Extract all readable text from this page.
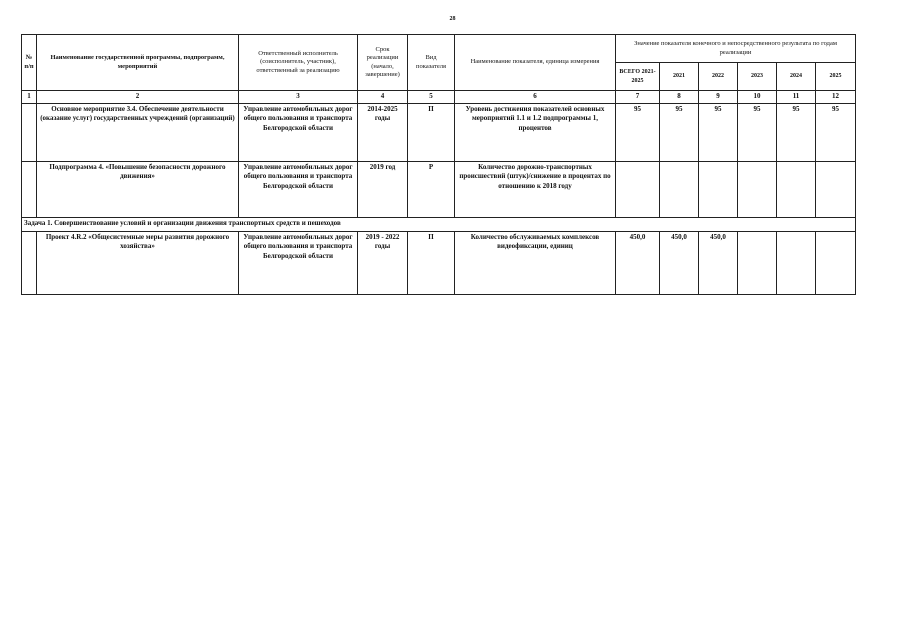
28
№ п/п	Наименование государственной программы, подпрограмм, мероприятий	Ответственный исполнитель (соисполнитель, участник), ответственный за реализацию	Срок реализации (начало, завершение)	Вид показателя	Наименование показателя, единица измерения	Значение показателя конечного и непосредственного результата по годам реализации					
						ВСЕГО 2021-2025	2021	2022	2023	2024	2025
1	2	3	4	5	6	7	8	9	10	11	12
	Основное мероприятие 3.4. Обеспечение деятельности (оказание услуг) государственных учреждений (организаций)	Управление автомобильных дорог общего пользования и транспорта Белгородской области	2014-2025 годы	П	Уровень достижения показателей основных мероприятий 1.1 и 1.2 подпрограммы 1, процентов	95	95	95	95	95	95
	Подпрограмма 4. «Повышение безопасности дорожного движения»	Управление автомобильных дорог общего пользования и транспорта Белгородской области	2019 год	Р	Количество дорожно-транспортных происшествий (штук)/снижение в процентах по отношению к 2018 году						
Задача 1. Совершенствование условий и организации движения транспортных средств и пешеходов											
	Проект 4.R.2 «Общесистемные меры развития дорожного хозяйства»	Управление автомобильных дорог общего пользования и транспорта Белгородской области	2019 - 2022 годы	П	Количество обслуживаемых комплексов видеофиксации, единиц	450,0	450,0	450,0			
